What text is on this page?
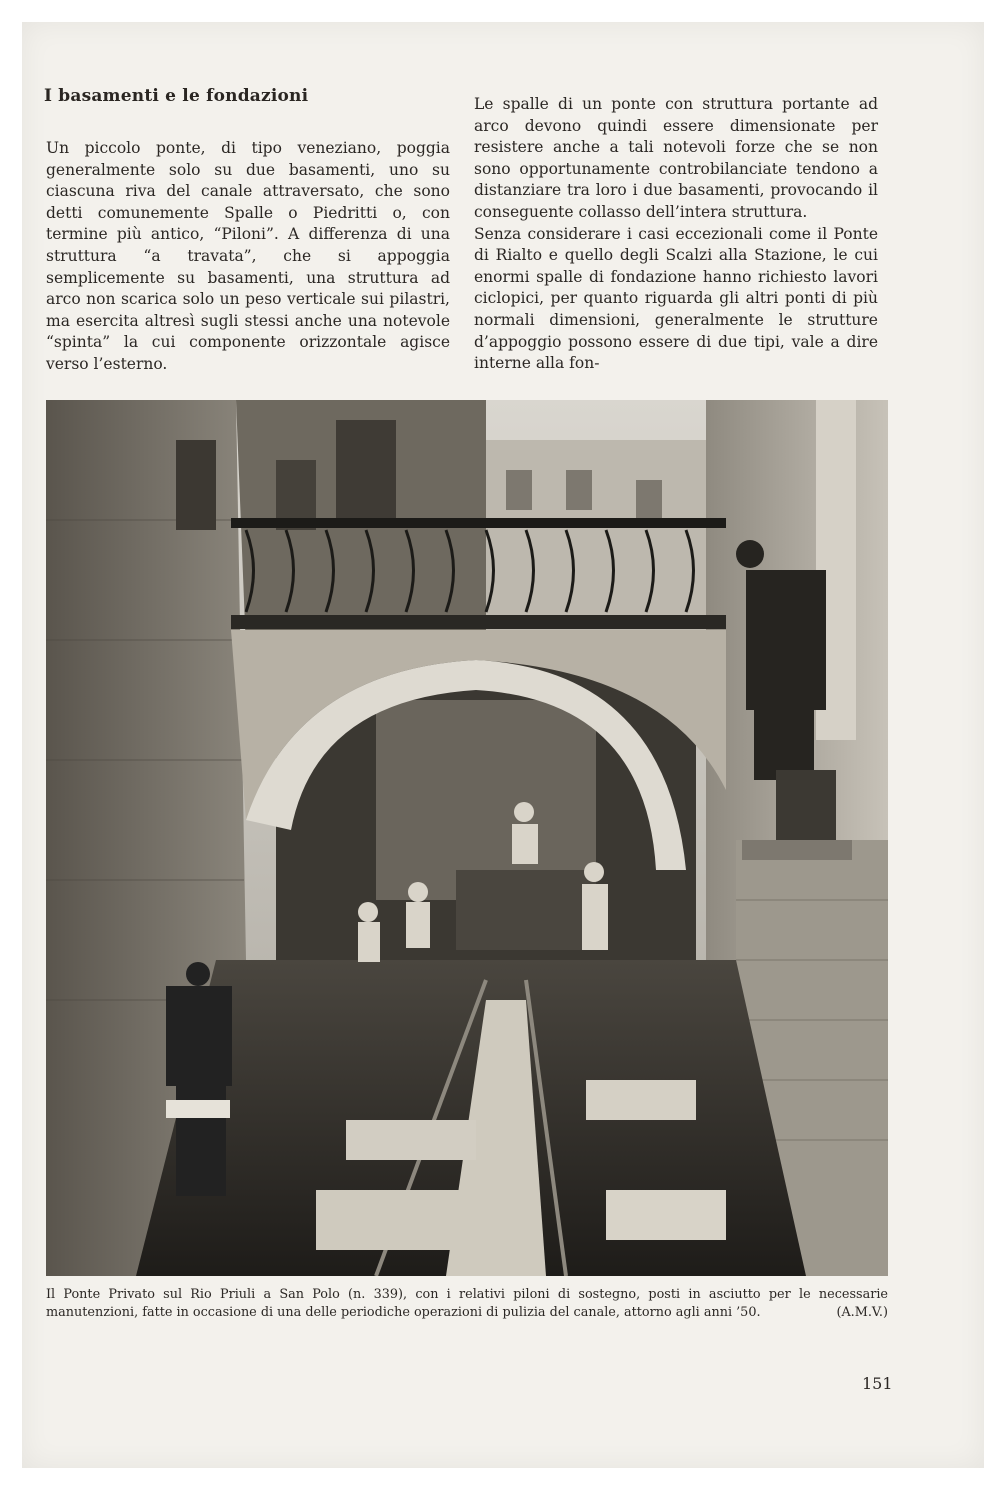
I basamenti e le fondazioni

Un piccolo ponte, di tipo veneziano, poggia generalmente solo su due basamenti, uno su ciascuna riva del canale attraversato, che sono detti comunemente Spalle o Piedritti o, con termine più antico, “Piloni”. A differenza di una struttura “a travata”, che si appoggia semplicemente su basamenti, una struttura ad arco non scarica solo un peso verticale sui pilastri, ma esercita altresì sugli stessi anche una notevole “spinta” la cui componente orizzontale agisce verso l’esterno.

Le spalle di un ponte con struttura portante ad arco devono quindi essere dimensionate per resistere anche a tali notevoli forze che se non sono opportunamente controbilanciate tendono a distanziare tra loro i due basamenti, provocando il conseguente collasso dell’intera struttura.

Senza considerare i casi eccezionali come il Ponte di Rialto e quello degli Scalzi alla Stazione, le cui enormi spalle di fondazione hanno richiesto lavori ciclopici, per quanto riguarda gli altri ponti di più normali dimensioni, generalmente le strutture d’appoggio possono essere di due tipi, vale a dire interne alla fon-

Il Ponte Privato sul Rio Priuli a San Polo (n. 339), con i relativi piloni di sostegno, posti in asciutto per le necessarie manutenzioni, fatte in occasione di una delle periodiche operazioni di pulizia del canale, attorno agli anni ’50.	(A.M.V.)
151
